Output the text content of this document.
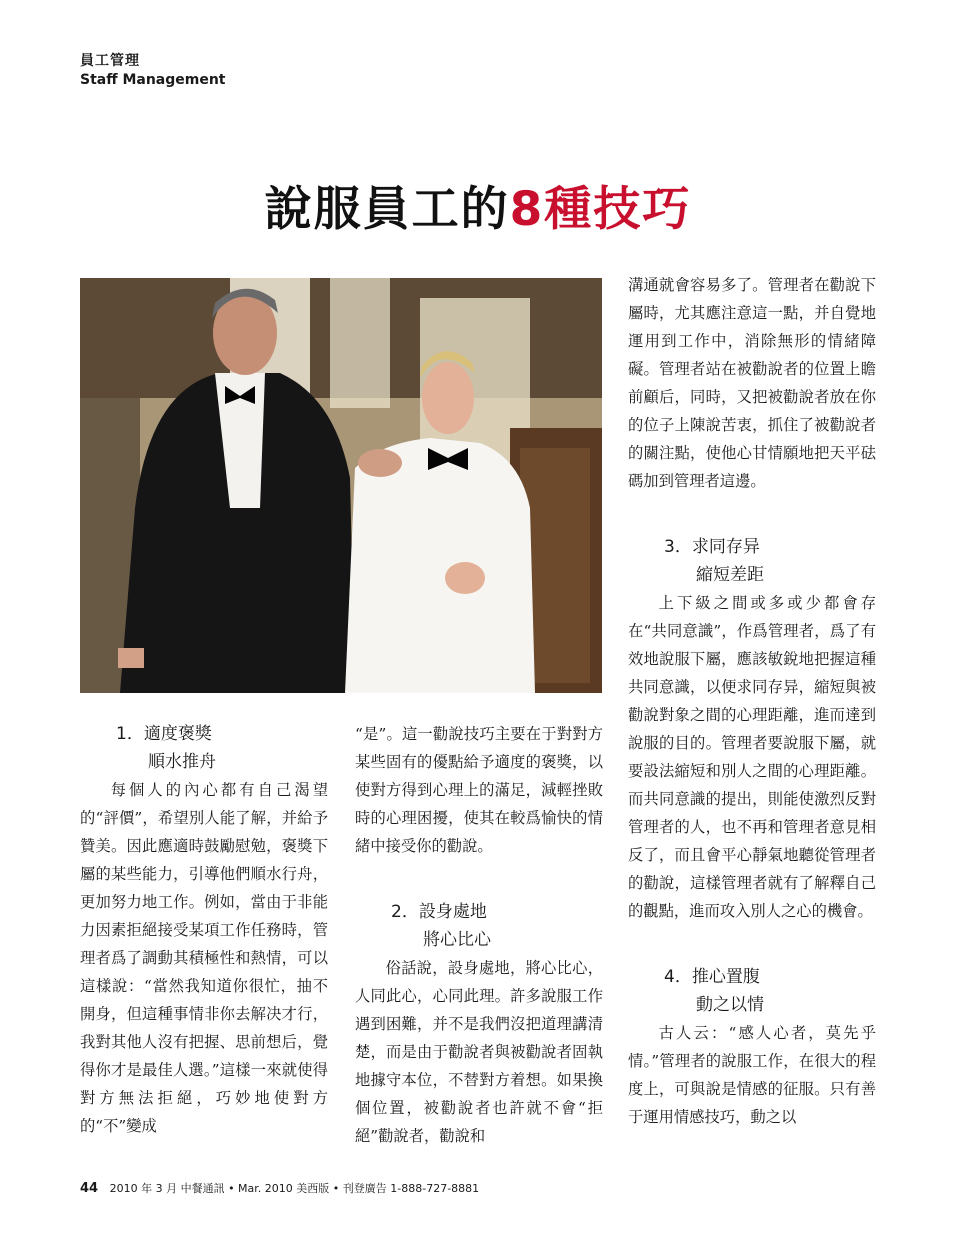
員工管理
Staff Management
說服員工的8種技巧
1．適度褒獎
順水推舟

每個人的內心都有自己渴望的“評價”，希望別人能了解，并給予贊美。因此應適時鼓勵慰勉，褒獎下屬的某些能力，引導他們順水行舟，更加努力地工作。例如，當由于非能力因素拒絕接受某項工作任務時，管理者爲了調動其積極性和熱情，可以這樣說：“當然我知道你很忙，抽不開身，但這種事情非你去解决才行，我對其他人沒有把握、思前想后，覺得你才是最佳人選。”這樣一來就使得對方無法拒絕，巧妙地使對方的“不”變成

“是”。這一勸說技巧主要在于對對方某些固有的優點給予適度的褒獎，以使對方得到心理上的滿足，減輕挫敗時的心理困擾，使其在較爲愉快的情緒中接受你的勸說。

2．設身處地
將心比心

俗話說，設身處地，將心比心，人同此心，心同此理。許多說服工作遇到困難，并不是我們沒把道理講清楚，而是由于勸說者與被勸說者固執地據守本位，不替對方着想。如果換個位置，被勸說者也許就不會“拒絕”勸說者，勸說和

溝通就會容易多了。管理者在勸說下屬時，尤其應注意這一點，并自覺地運用到工作中，消除無形的情緒障礙。管理者站在被勸說者的位置上瞻前顧后，同時，又把被勸說者放在你的位子上陳說苦衷，抓住了被勸說者的關注點，使他心甘情願地把天平砝碼加到管理者這邊。

3．求同存异
縮短差距

上下級之間或多或少都會存在“共同意識”，作爲管理者，爲了有效地說服下屬，應該敏銳地把握這種共同意識，以便求同存异，縮短與被勸說對象之間的心理距離，進而達到說服的目的。管理者要說服下屬，就要設法縮短和別人之間的心理距離。而共同意識的提出，則能使激烈反對管理者的人，也不再和管理者意見相反了，而且會平心靜氣地聽從管理者的勸說，這樣管理者就有了解釋自己的觀點，進而攻入別人之心的機會。

4．推心置腹
動之以情

古人云：“感人心者，莫先乎情。”管理者的說服工作，在很大的程度上，可與說是情感的征服。只有善于運用情感技巧，動之以

44 2010 年 3 月 中餐通訊 • Mar. 2010 美西版 • 刊登廣告 1-888-727-8881
